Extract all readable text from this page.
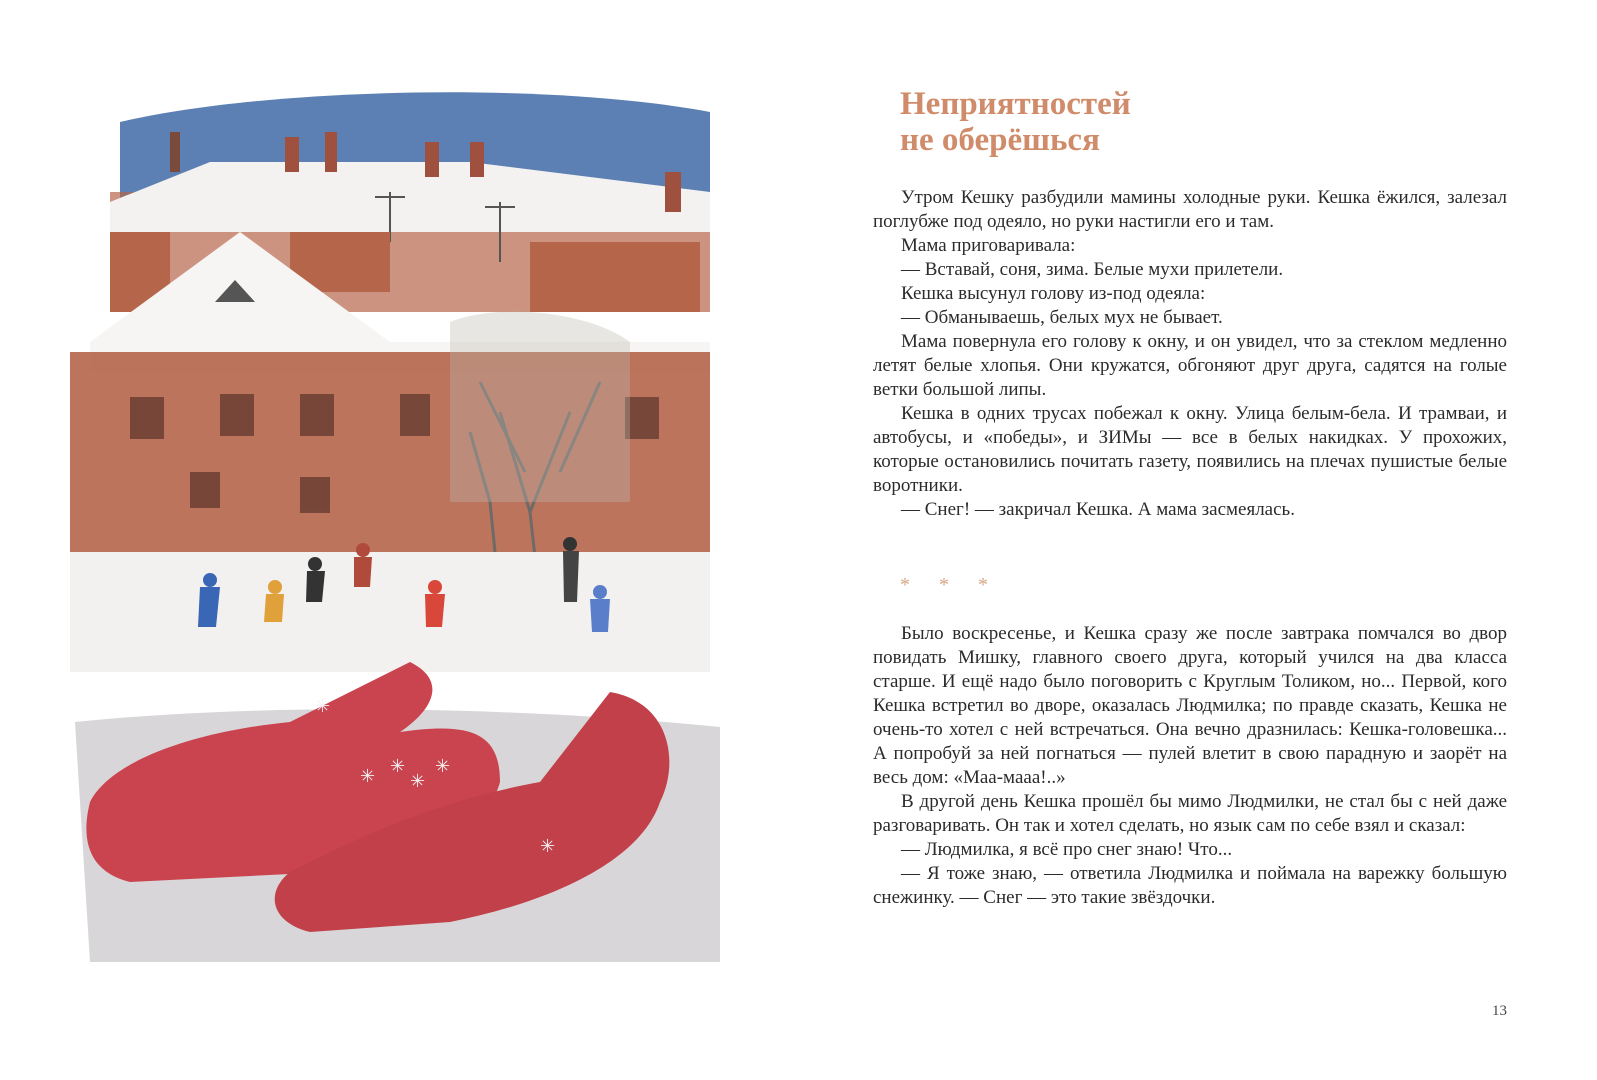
✳ ✳
✳
✳
✳
✳
Неприятностей
не оберёшься

Утром Кешку разбудили мамины холодные руки. Кешка ёжился, залезал поглубже под одеяло, но руки настигли его и там.

Мама приговаривала:

— Вставай, соня, зима. Белые мухи прилетели.

Кешка высунул голову из-под одеяла:

— Обманываешь, белых мух не бывает.

Мама повернула его голову к окну, и он увидел, что за стеклом медленно летят белые хлопья. Они кружатся, обгоняют друг друга, садятся на голые ветки большой липы.

Кешка в одних трусах побежал к окну. Улица белым-бела. И трамваи, и автобусы, и «победы», и ЗИМы — все в белых накидках. У прохожих, которые остановились почитать газету, появились на плечах пушистые белые воротники.

— Снег! — закричал Кешка. А мама засмеялась.

* * *

Было воскресенье, и Кешка сразу же после завтрака помчался во двор повидать Мишку, главного своего друга, который учился на два класса старше. И ещё надо было поговорить с Круглым Толиком, но... Первой, кого Кешка встретил во дворе, оказалась Людмилка; по правде сказать, Кешка не очень-то хотел с ней встречаться. Она вечно дразнилась: Кешка-головешка... А попробуй за ней погнаться — пулей влетит в свою парадную и заорёт на весь дом: «Маа-мааа!..»

В другой день Кешка прошёл бы мимо Людмилки, не стал бы с ней даже разговаривать. Он так и хотел сделать, но язык сам по себе взял и сказал:

— Людмилка, я всё про снег знаю! Что...

— Я тоже знаю, — ответила Людмилка и поймала на варежку большую снежинку. — Снег — это такие звёздочки.

13
